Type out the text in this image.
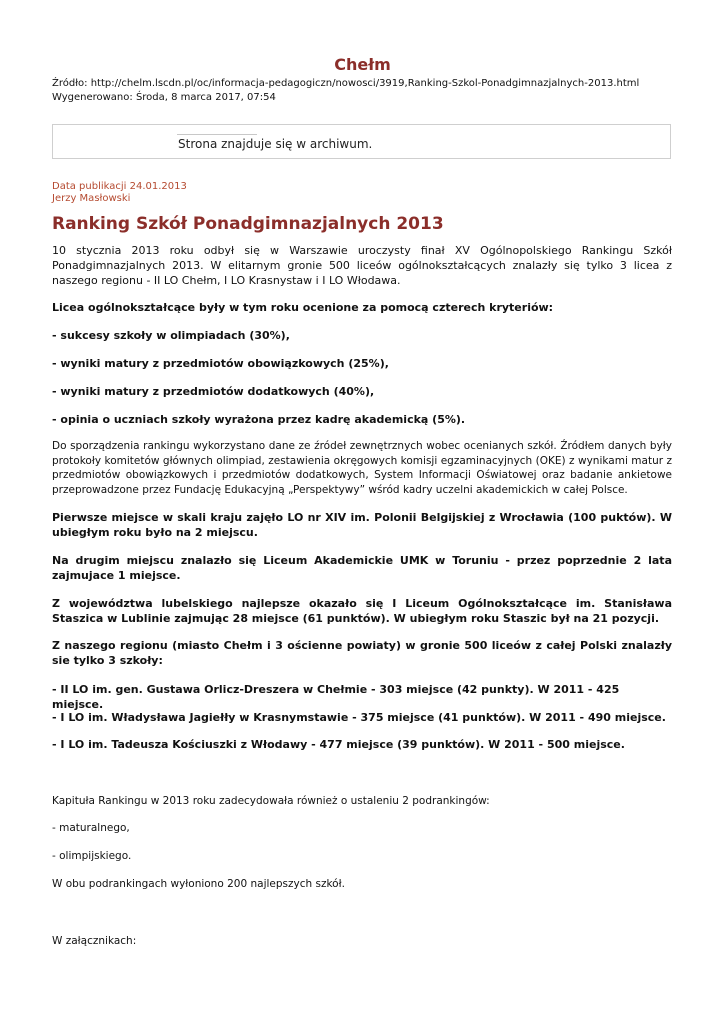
Chełm
Źródło: http://chelm.lscdn.pl/oc/informacja-pedagogiczn/nowosci/3919,Ranking-Szkol-Ponadgimnazjalnych-2013.html
Wygenerowano: Środa, 8 marca 2017, 07:54
Strona znajduje się w archiwum.
Data publikacji 24.01.2013
Jerzy Masłowski
Ranking Szkół Ponadgimnazjalnych 2013

10 stycznia 2013 roku odbył się w Warszawie uroczysty finał XV Ogólnopolskiego Rankingu Szkół Ponadgimnazjalnych 2013. W elitarnym gronie 500 liceów ogólnokształcących znalazły się tylko 3 licea z naszego regionu - II LO Chełm, I LO Krasnystaw i I LO Włodawa.

Licea ogólnokształcące były w tym roku ocenione za pomocą czterech kryteriów:

- sukcesy szkoły w olimpiadach (30%),

- wyniki matury z przedmiotów obowiązkowych (25%),

- wyniki matury z przedmiotów dodatkowych (40%),

- opinia o uczniach szkoły wyrażona przez kadrę akademicką (5%).

Do sporządzenia rankingu wykorzystano dane ze źródeł zewnętrznych wobec ocenianych szkół. Źródłem danych były protokoły komitetów głównych olimpiad, zestawienia okręgowych komisji egzaminacyjnych (OKE) z wynikami matur z przedmiotów obowiązkowych i przedmiotów dodatkowych, System Informacji Oświatowej oraz badanie ankietowe przeprowadzone przez Fundację Edukacyjną „Perspektywy” wśród kadry uczelni akademickich w całej Polsce.

Pierwsze miejsce w skali kraju zajęło LO nr XIV im. Polonii Belgijskiej z Wrocławia (100 puktów). W ubiegłym roku było na 2 miejscu.

Na drugim miejscu znalazło się Liceum Akademickie UMK w Toruniu - przez poprzednie 2 lata zajmujace 1 miejsce.

Z województwa lubelskiego najlepsze okazało się I Liceum Ogólnokształcące im. Stanisława Staszica w Lublinie zajmując 28 miejsce (61 punktów). W ubiegłym roku Staszic był na 21 pozycji.

Z naszego regionu (miasto Chełm i 3 ościenne powiaty) w gronie 500 liceów z całej Polski znalazły sie tylko 3 szkoły:

- II LO im. gen. Gustawa Orlicz-Dreszera w Chełmie - 303 miejsce (42 punkty). W 2011 - 425 miejsce.

- I LO im. Władysława Jagiełły w Krasnymstawie - 375 miejsce (41 punktów). W 2011 - 490 miejsce.

- I LO im. Tadeusza Kościuszki z Włodawy - 477 miejsce (39 punktów). W 2011 - 500 miejsce.

Kapituła Rankingu w 2013 roku zadecydowała również o ustaleniu 2 podrankingów:

- maturalnego,

- olimpijskiego.

W obu podrankingach wyłoniono 200 najlepszych szkół.

W załącznikach:
